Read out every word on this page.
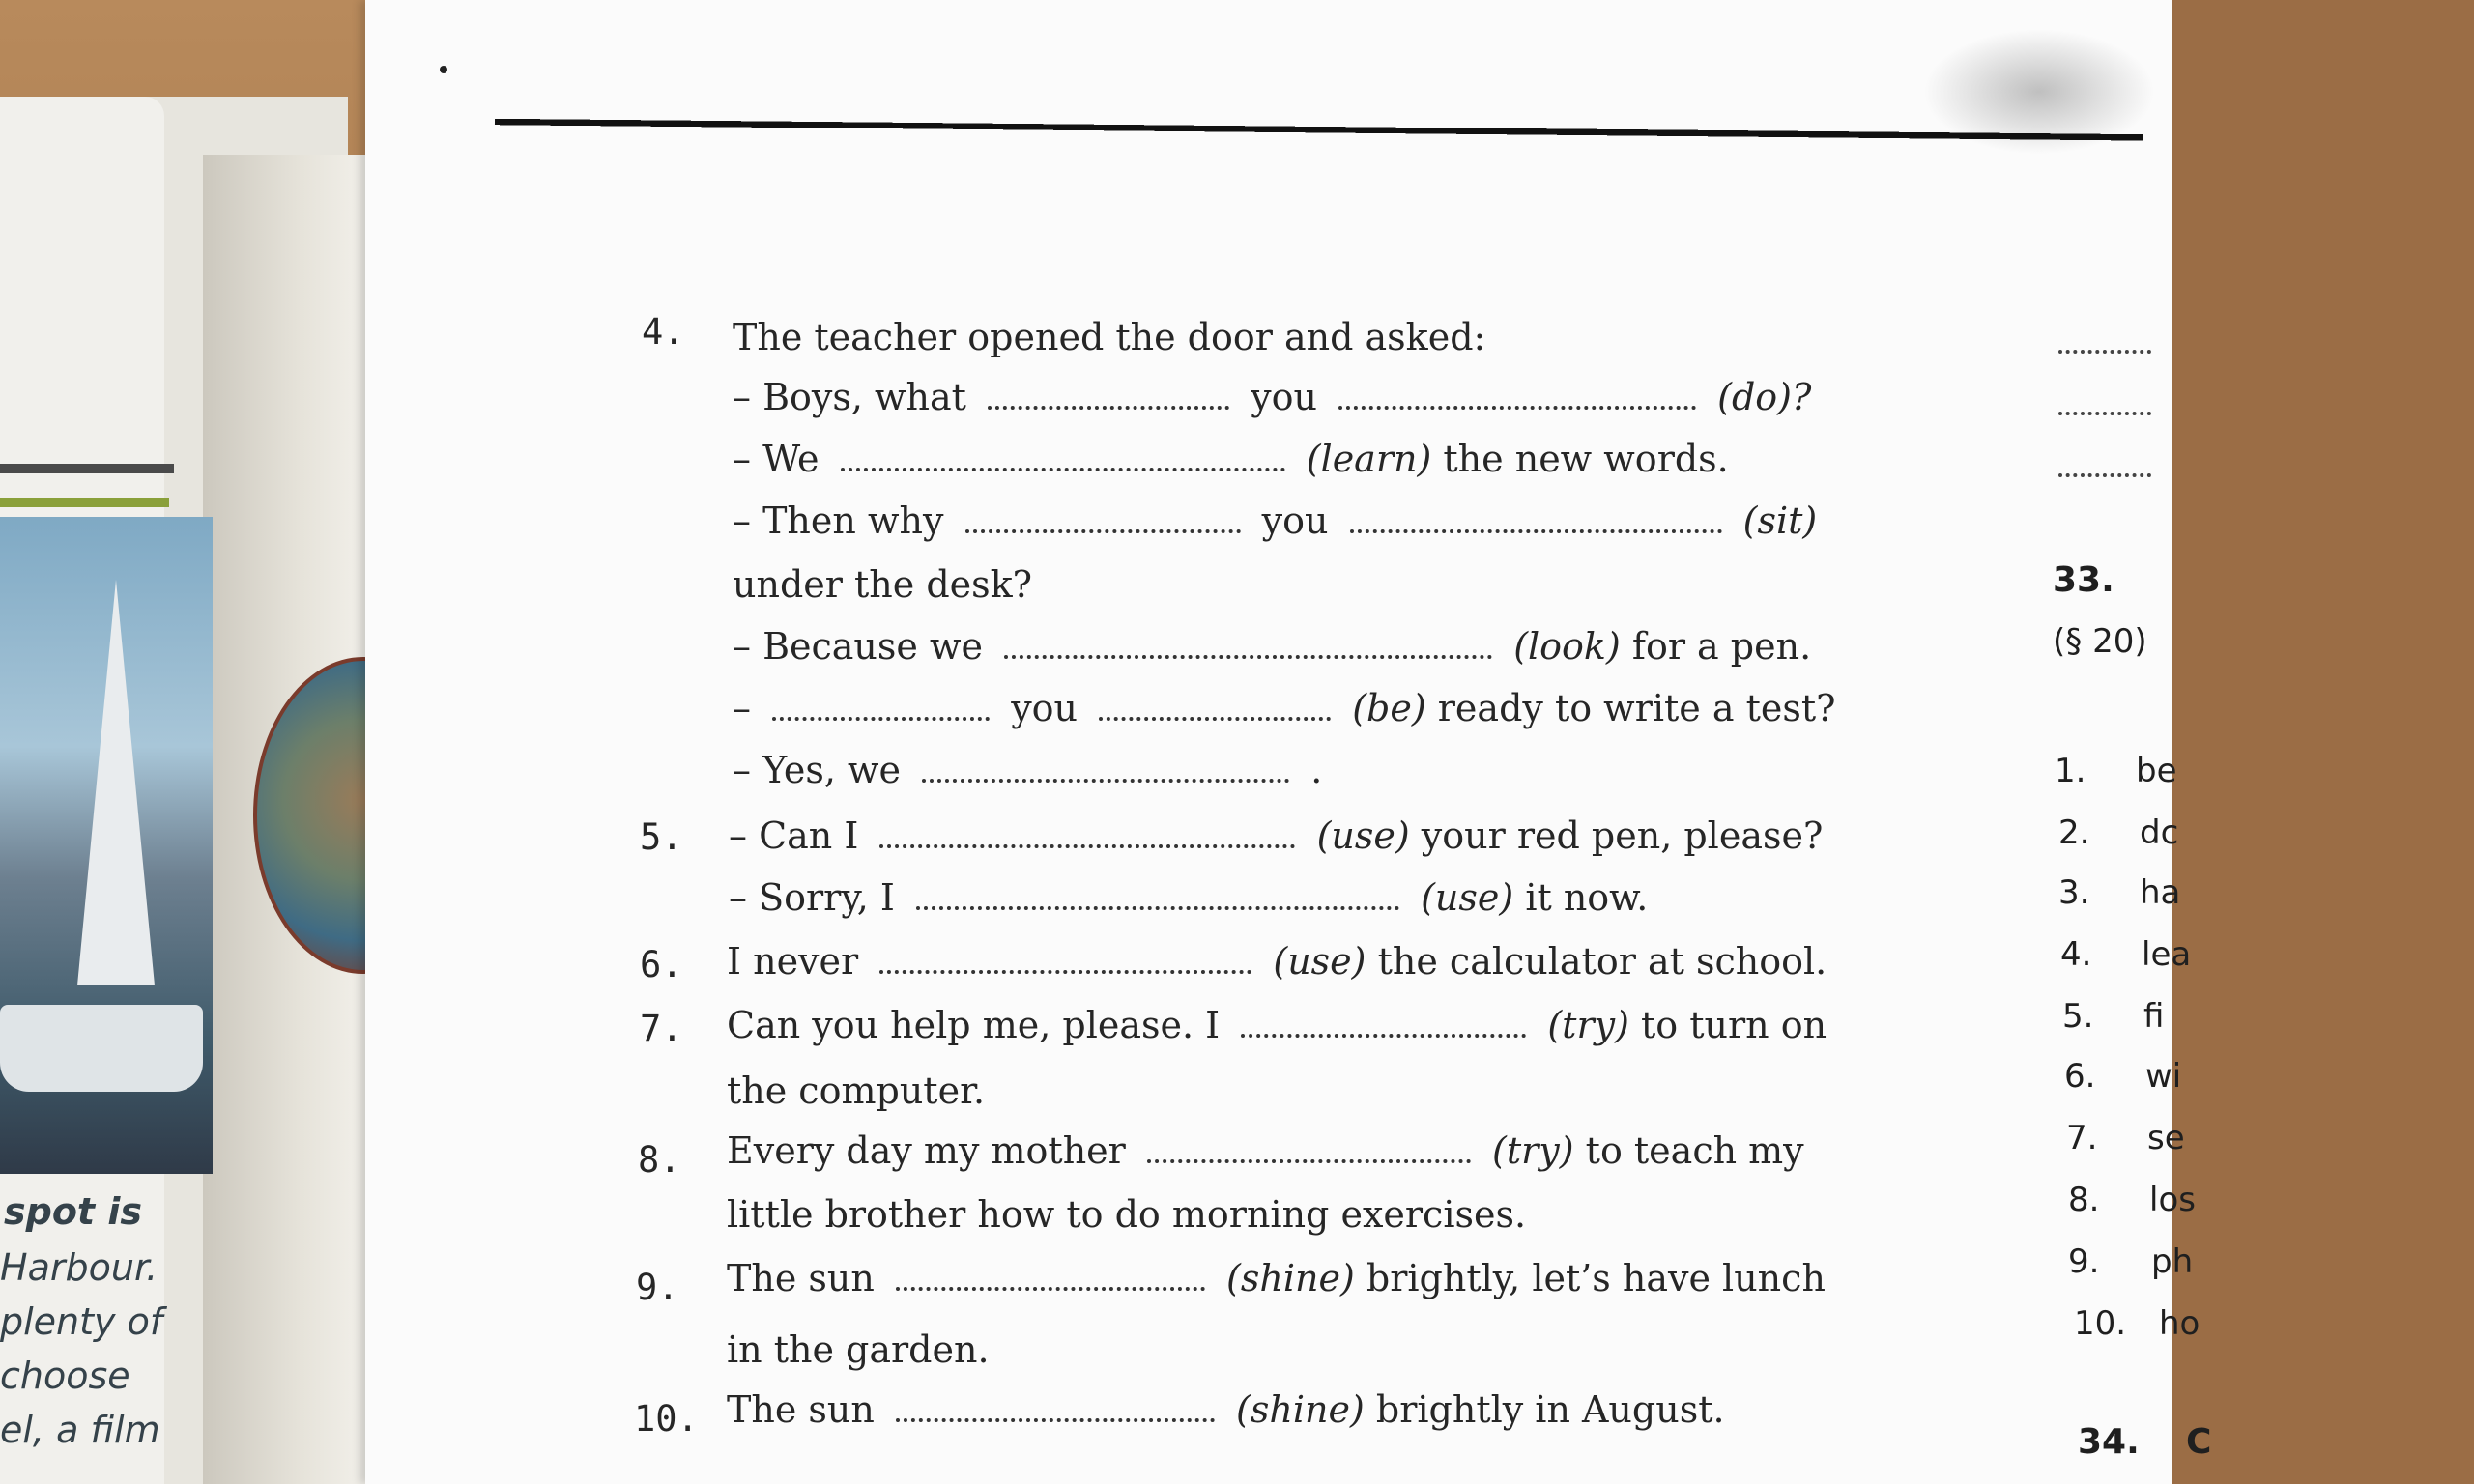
spot is
Harbour.
plenty of
choose
el, a film
4. The teacher opened the door and asked:
– Boys, what	you	(do)?
– We	(learn) the new words.
– Then why	you	(sit)
under the desk?
– Because we	(look) for a pen.
–	you	(be) ready to write a test?
– Yes, we	.
5. – Can I	(use) your red pen, please?
– Sorry, I	(use) it now.
6. I never	(use) the calculator at school.
7. Can you help me, please. I	(try) to turn on
the computer.
8. Every day my mother	(try) to teach my
little brother how to do morning exercises.
9. The sun	(shine) brightly, let’s have lunch
in the garden.
10. The sun	(shine) brightly in August.
33.
(§ 20)
1. be
2. dc
3. ha
4. lea
5. fi
6. wi
7. se
8. los
9. ph
10. ho
34. C
